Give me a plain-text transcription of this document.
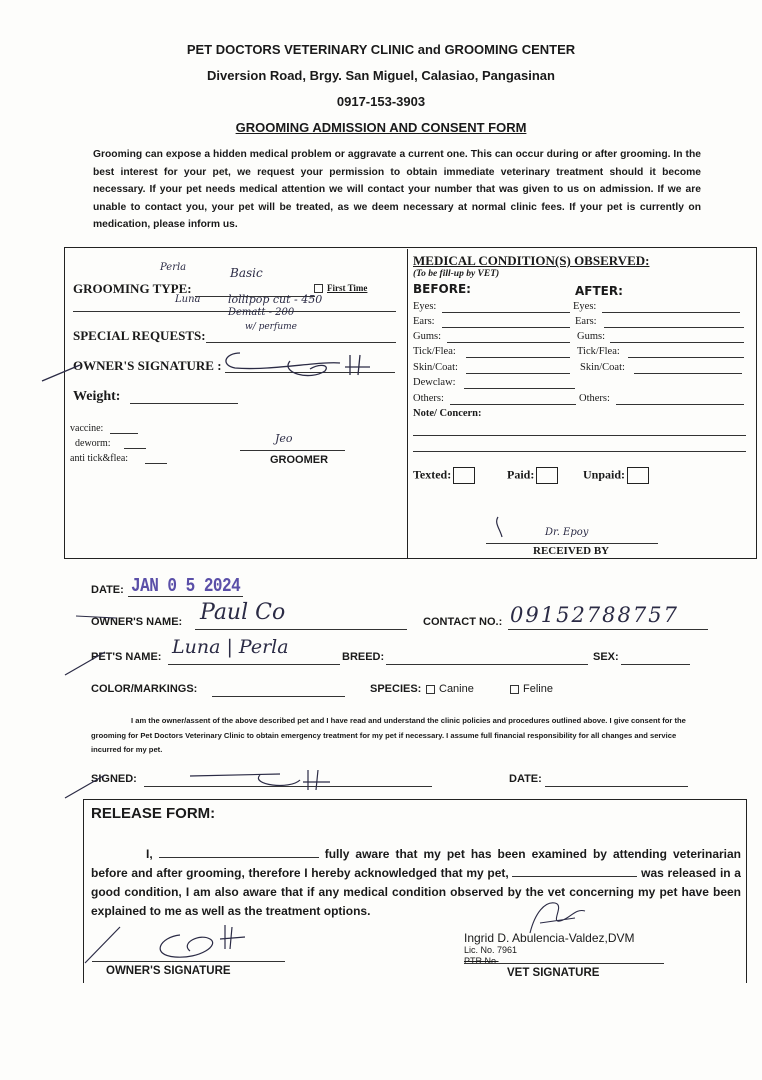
PET DOCTORS VETERINARY CLINIC and GROOMING CENTER
Diversion Road, Brgy. San Miguel, Calasiao, Pangasinan
0917-153-3903
GROOMING ADMISSION AND CONSENT FORM
Grooming can expose a hidden medical problem or aggravate a current one. This can occur during or after grooming. In the best interest for your pet, we request your permission to obtain immediate veterinary treatment should it become necessary. If your pet needs medical attention we will contact your number that was given to us on admission. If we are unable to contact you, your pet will be treated, as we deem necessary at normal clinic fees. If your pet is currently on medication, please inform us.
Perla	Basic
GROOMING TYPE:	First Time
Luna	lollipop cut - 450
Dematt - 200
w/ perfume
SPECIAL REQUESTS:
OWNER'S SIGNATURE :
Weight:
vaccine:
deworm:
anti tick&flea:
Jeo
GROOMER
MEDICAL CONDITION(S) OBSERVED:
(To be fill-up by VET)
BEFORE:	AFTER:
Eyes:	Eyes:
Ears:	Ears:
Gums:	Gums:
Tick/Flea:	Tick/Flea:
Skin/Coat:	Skin/Coat:
Dewclaw:
Others:	Others:
Note/ Concern:
Texted:	Paid:	Unpaid:
Dr. Epoy
RECEIVED BY
DATE: JAN 0 5 2024
OWNER'S NAME: Paul Co	CONTACT NO.: 09152788757
PET'S NAME: Luna | Perla	BREED:	SEX:
COLOR/MARKINGS:	SPECIES:	Canine	Feline
I am the owner/assent of the above described pet and I have read and understand the clinic policies and procedures outlined above. I give consent for the grooming for Pet Doctors Veterinary Clinic to obtain emergency treatment for my pet if necessary. I assume full financial responsibility for all changes and service incurred for my pet.
SIGNED:	DATE:
RELEASE FORM:
I,	fully aware that my pet has been examined by attending veterinarian before and after grooming, therefore I hereby acknowledged that my pet,	was released in a good condition, I am also aware that if any medical condition observed by the vet concerning my pet have been explained to me as well as the treatment options.
OWNER'S SIGNATURE
Ingrid D. Abulencia-Valdez,DVM
Lic. No. 7961
PTR No.
VET SIGNATURE
